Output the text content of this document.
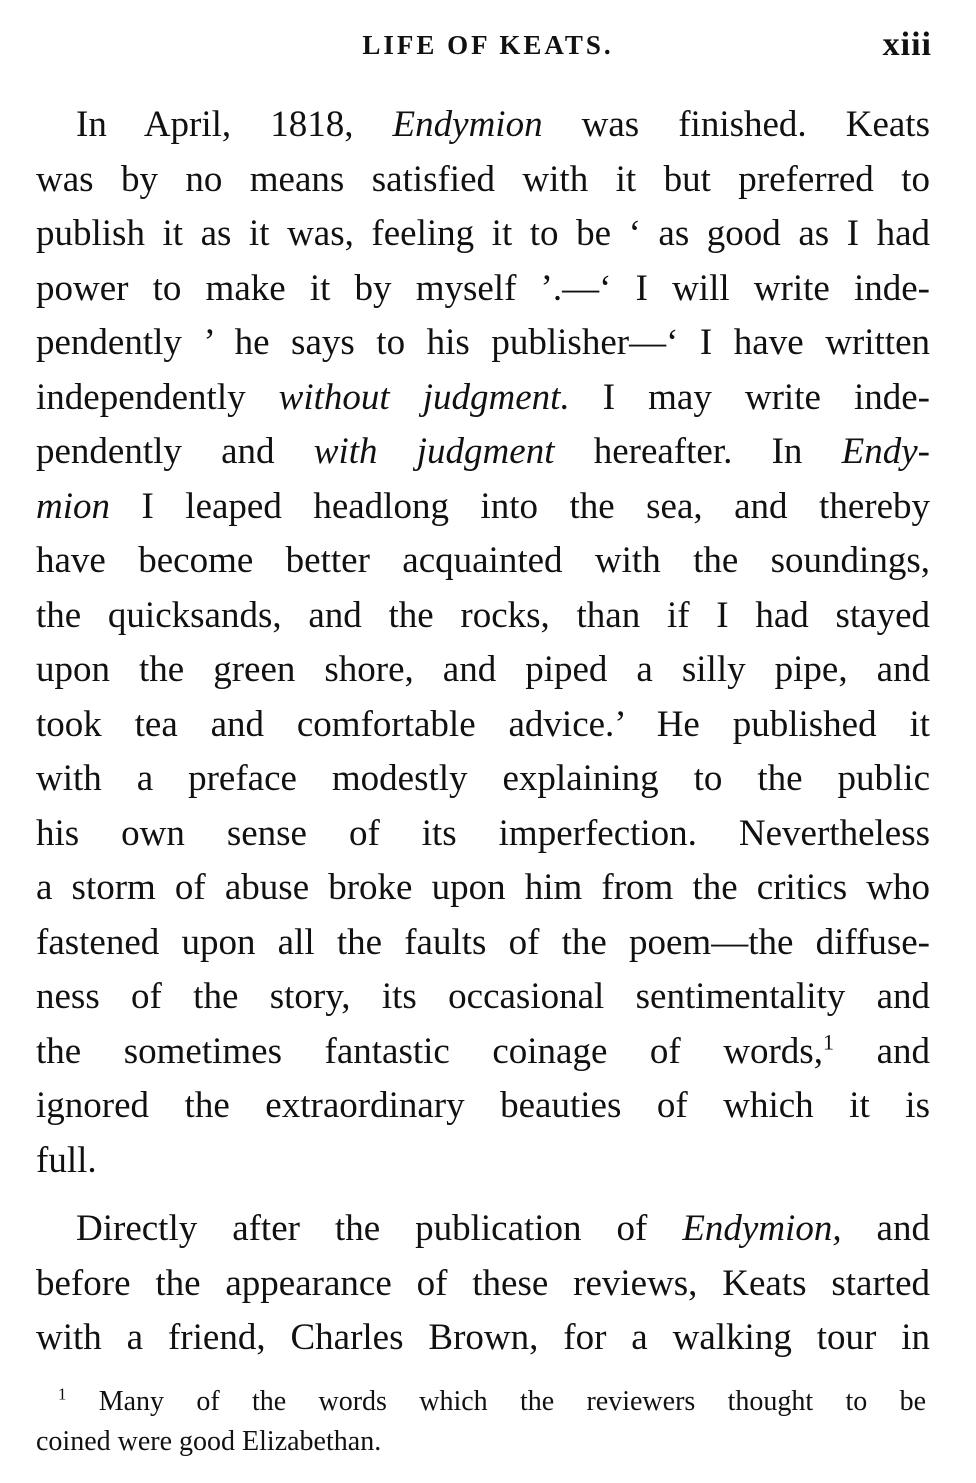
LIFE OF KEATS.	xiii
In April, 1818, Endymion was finished. Keats
was by no means satisfied with it but preferred to
publish it as it was, feeling it to be ‘ as good as I had
power to make it by myself ’.—‘ I will write inde-
pendently ’ he says to his publisher—‘ I have written
independently without judgment. I may write inde-
pendently and with judgment hereafter. In Endy-
mion I leaped headlong into the sea, and thereby
have become better acquainted with the soundings,
the quicksands, and the rocks, than if I had stayed
upon the green shore, and piped a silly pipe, and
took tea and comfortable advice.’ He published it
with a preface modestly explaining to the public
his own sense of its imperfection. Nevertheless
a storm of abuse broke upon him from the critics who
fastened upon all the faults of the poem—the diffuse-
ness of the story, its occasional sentimentality and
the sometimes fantastic coinage of words,$^1$ and
ignored the extraordinary beauties of which it is
full.
Directly after the publication of Endymion, and
before the appearance of these reviews, Keats started
with a friend, Charles Brown, for a walking tour in
$^1$ Many of the words which the reviewers thought to be
coined were good Elizabethan.
